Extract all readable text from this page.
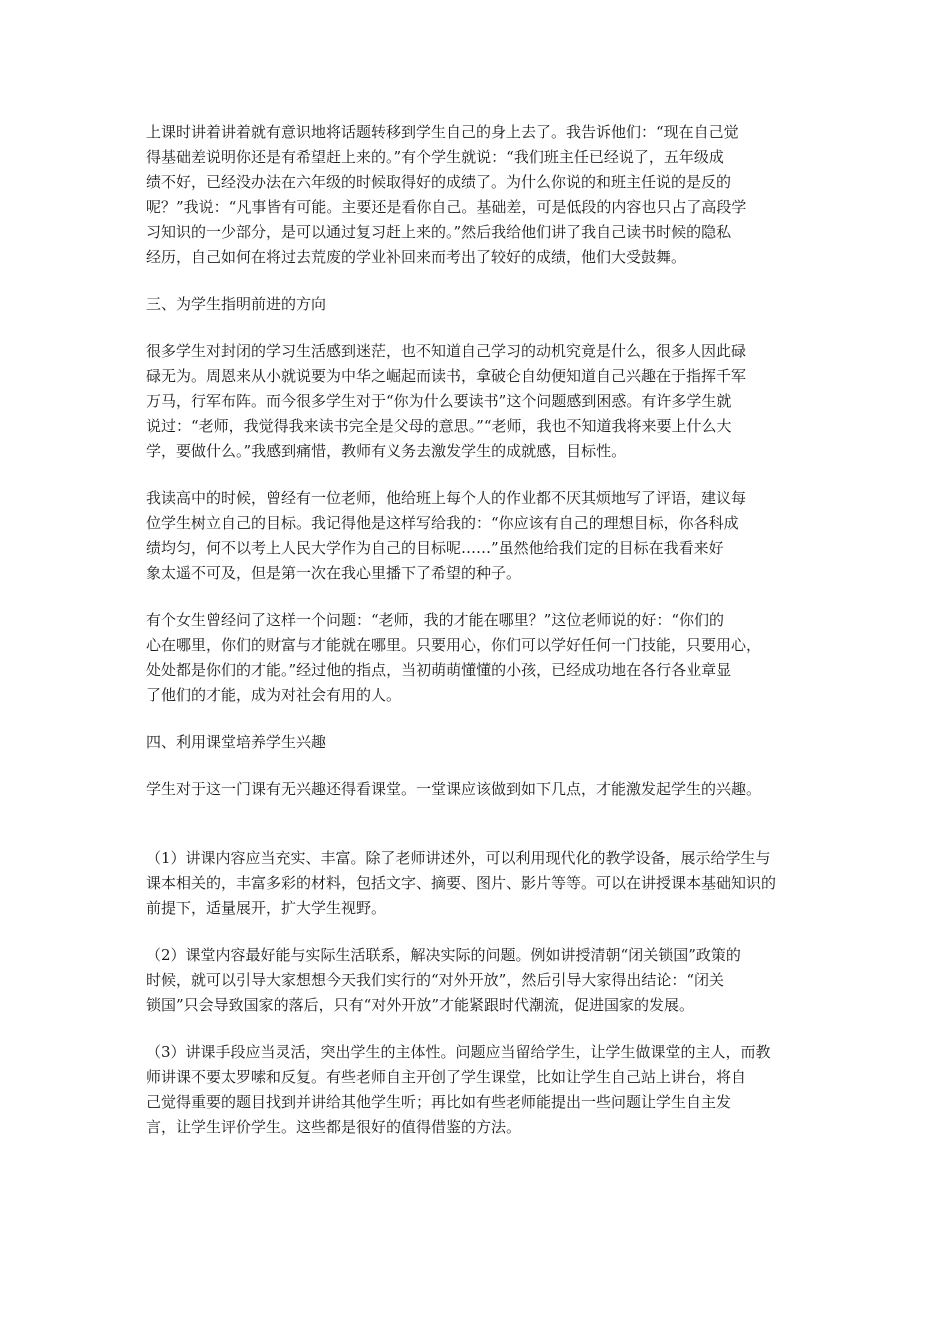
上课时讲着讲着就有意识地将话题转移到学生自己的身上去了。我告诉他们：“现在自己觉
得基础差说明你还是有希望赶上来的。”有个学生就说：“我们班主任已经说了，五年级成
绩不好，已经没办法在六年级的时候取得好的成绩了。为什么你说的和班主任说的是反的
呢？”我说：“凡事皆有可能。主要还是看你自己。基础差，可是低段的内容也只占了高段学
习知识的一少部分，是可以通过复习赶上来的。”然后我给他们讲了我自己读书时候的隐私
经历，自己如何在将过去荒废的学业补回来而考出了较好的成绩，他们大受鼓舞。

三、为学生指明前进的方向

很多学生对封闭的学习生活感到迷茫，也不知道自己学习的动机究竟是什么，很多人因此碌
碌无为。周恩来从小就说要为中华之崛起而读书，拿破仑自幼便知道自己兴趣在于指挥千军
万马，行军布阵。而今很多学生对于“你为什么要读书”这个问题感到困惑。有许多学生就
说过：“老师，我觉得我来读书完全是父母的意思。”“老师，我也不知道我将来要上什么大
学，要做什么。”我感到痛惜，教师有义务去激发学生的成就感，目标性。

我读高中的时候，曾经有一位老师，他给班上每个人的作业都不厌其烦地写了评语，建议每
位学生树立自己的目标。我记得他是这样写给我的：“你应该有自己的理想目标，你各科成
绩均匀，何不以考上人民大学作为自己的目标呢……”虽然他给我们定的目标在我看来好
象太遥不可及，但是第一次在我心里播下了希望的种子。

有个女生曾经问了这样一个问题：“老师，我的才能在哪里？”这位老师说的好：“你们的
心在哪里，你们的财富与才能就在哪里。只要用心，你们可以学好任何一门技能，只要用心，
处处都是你们的才能。”经过他的指点，当初萌萌懂懂的小孩，已经成功地在各行各业章显
了他们的才能，成为对社会有用的人。

四、利用课堂培养学生兴趣

学生对于这一门课有无兴趣还得看课堂。一堂课应该做到如下几点，才能激发起学生的兴趣。

（1）讲课内容应当充实、丰富。除了老师讲述外，可以利用现代化的教学设备，展示给学生与
课本相关的，丰富多彩的材料，包括文字、摘要、图片、影片等等。可以在讲授课本基础知识的
前提下，适量展开，扩大学生视野。

（2）课堂内容最好能与实际生活联系，解决实际的问题。例如讲授清朝“闭关锁国”政策的
时候，就可以引导大家想想今天我们实行的“对外开放”，然后引导大家得出结论：“闭关
锁国”只会导致国家的落后，只有“对外开放”才能紧跟时代潮流，促进国家的发展。

（3）讲课手段应当灵活，突出学生的主体性。问题应当留给学生，让学生做课堂的主人，而教
师讲课不要太罗嗦和反复。有些老师自主开创了学生课堂，比如让学生自己站上讲台，将自
己觉得重要的题目找到并讲给其他学生听；再比如有些老师能提出一些问题让学生自主发
言，让学生评价学生。这些都是很好的值得借鉴的方法。
